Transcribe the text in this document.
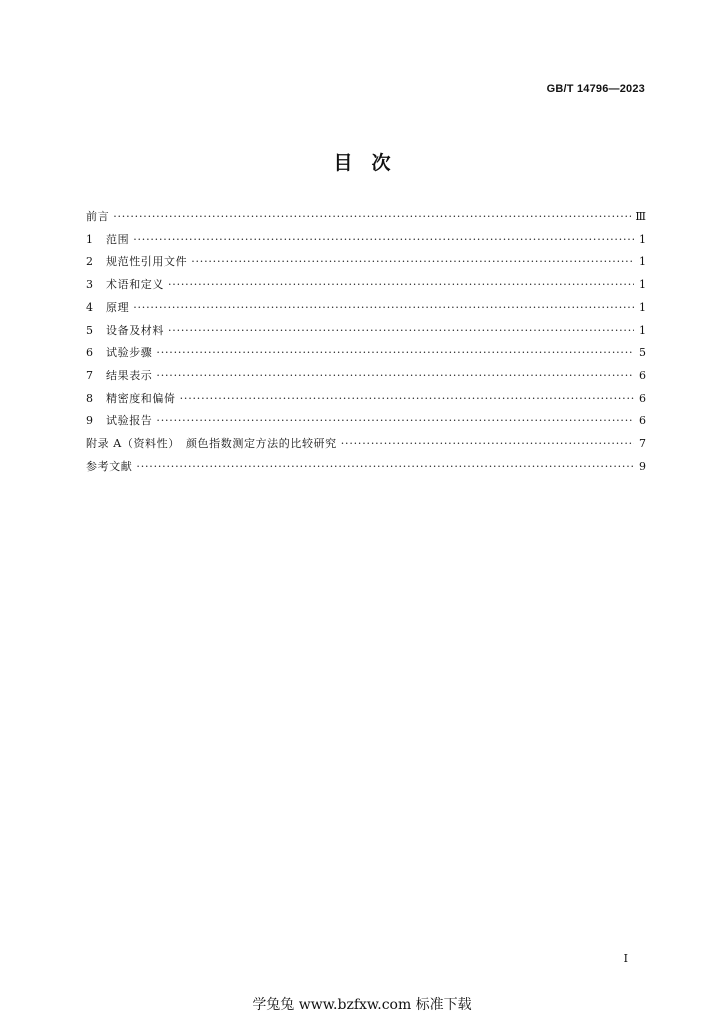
GB/T 14796—2023
目　次
前言 ·····	Ⅲ
1	范围 ·····	1
2	规范性引用文件 ·····	1
3	术语和定义 ·····	1
4	原理 ·····	1
5	设备及材料 ·····	1
6	试验步骤 ·····	5
7	结果表示 ·····	6
8	精密度和偏倚 ·····	6
9	试验报告 ·····	6
附录 A（资料性）　颜色指数测定方法的比较研究 ·····	7
参考文献 ·····	9
I
学兔兔 www.bzfxw.com 标准下载
